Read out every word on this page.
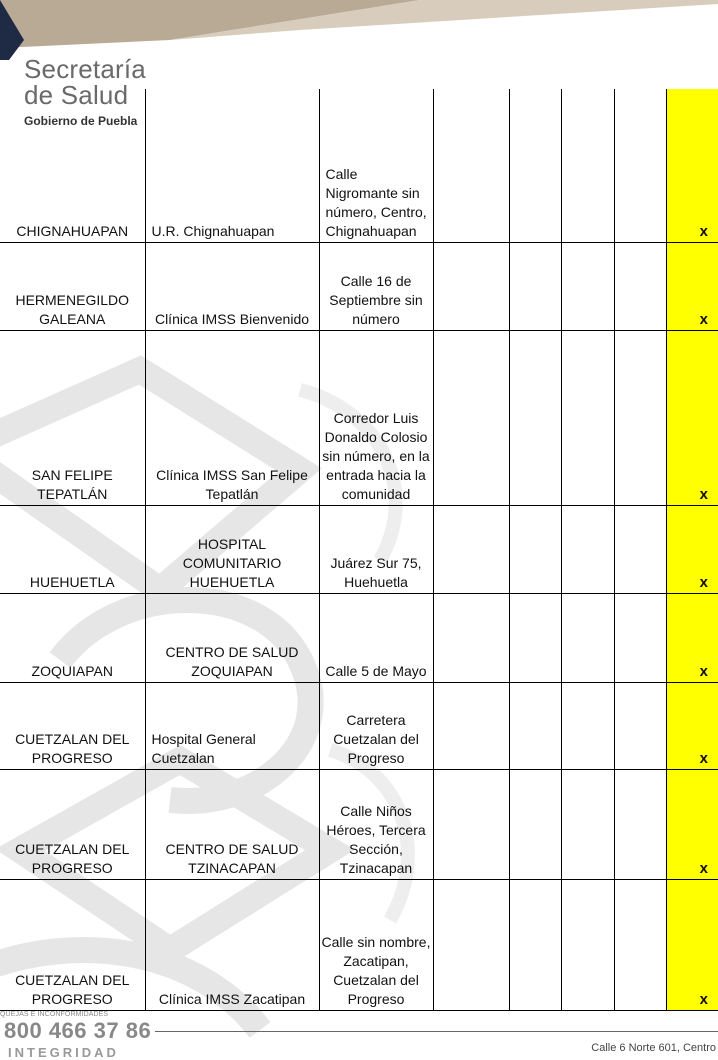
Secretaría
de Salud
Gobierno de Puebla
CHIGNAHUAPAN	U.R. Chignahuapan	Calle Nigromante sin número, Centro, Chignahuapan					x
HERMENEGILDO GALEANA	Clínica IMSS Bienvenido	Calle 16 de Septiembre sin número					x
SAN FELIPE TEPATLÁN	Clínica IMSS San Felipe Tepatlán	Corredor Luis Donaldo Colosio sin número, en la entrada hacia la comunidad					x
HUEHUETLA	HOSPITAL COMUNITARIO HUEHUETLA	Juárez Sur 75, Huehuetla					x
ZOQUIAPAN	CENTRO DE SALUD ZOQUIAPAN	Calle 5 de Mayo					x
CUETZALAN DEL PROGRESO	Hospital General Cuetzalan	Carretera Cuetzalan del Progreso					x
CUETZALAN DEL PROGRESO	CENTRO DE SALUD TZINACAPAN	Calle Niños Héroes, Tercera Sección, Tzinacapan					x
CUETZALAN DEL PROGRESO	Clínica IMSS Zacatipan	Calle sin nombre, Zacatipan, Cuetzalan del Progreso					x
QUEJAS E INCONFORMIDADES
800 466 37 86
INTEGRIDAD	Calle 6 Norte 601, Centro
